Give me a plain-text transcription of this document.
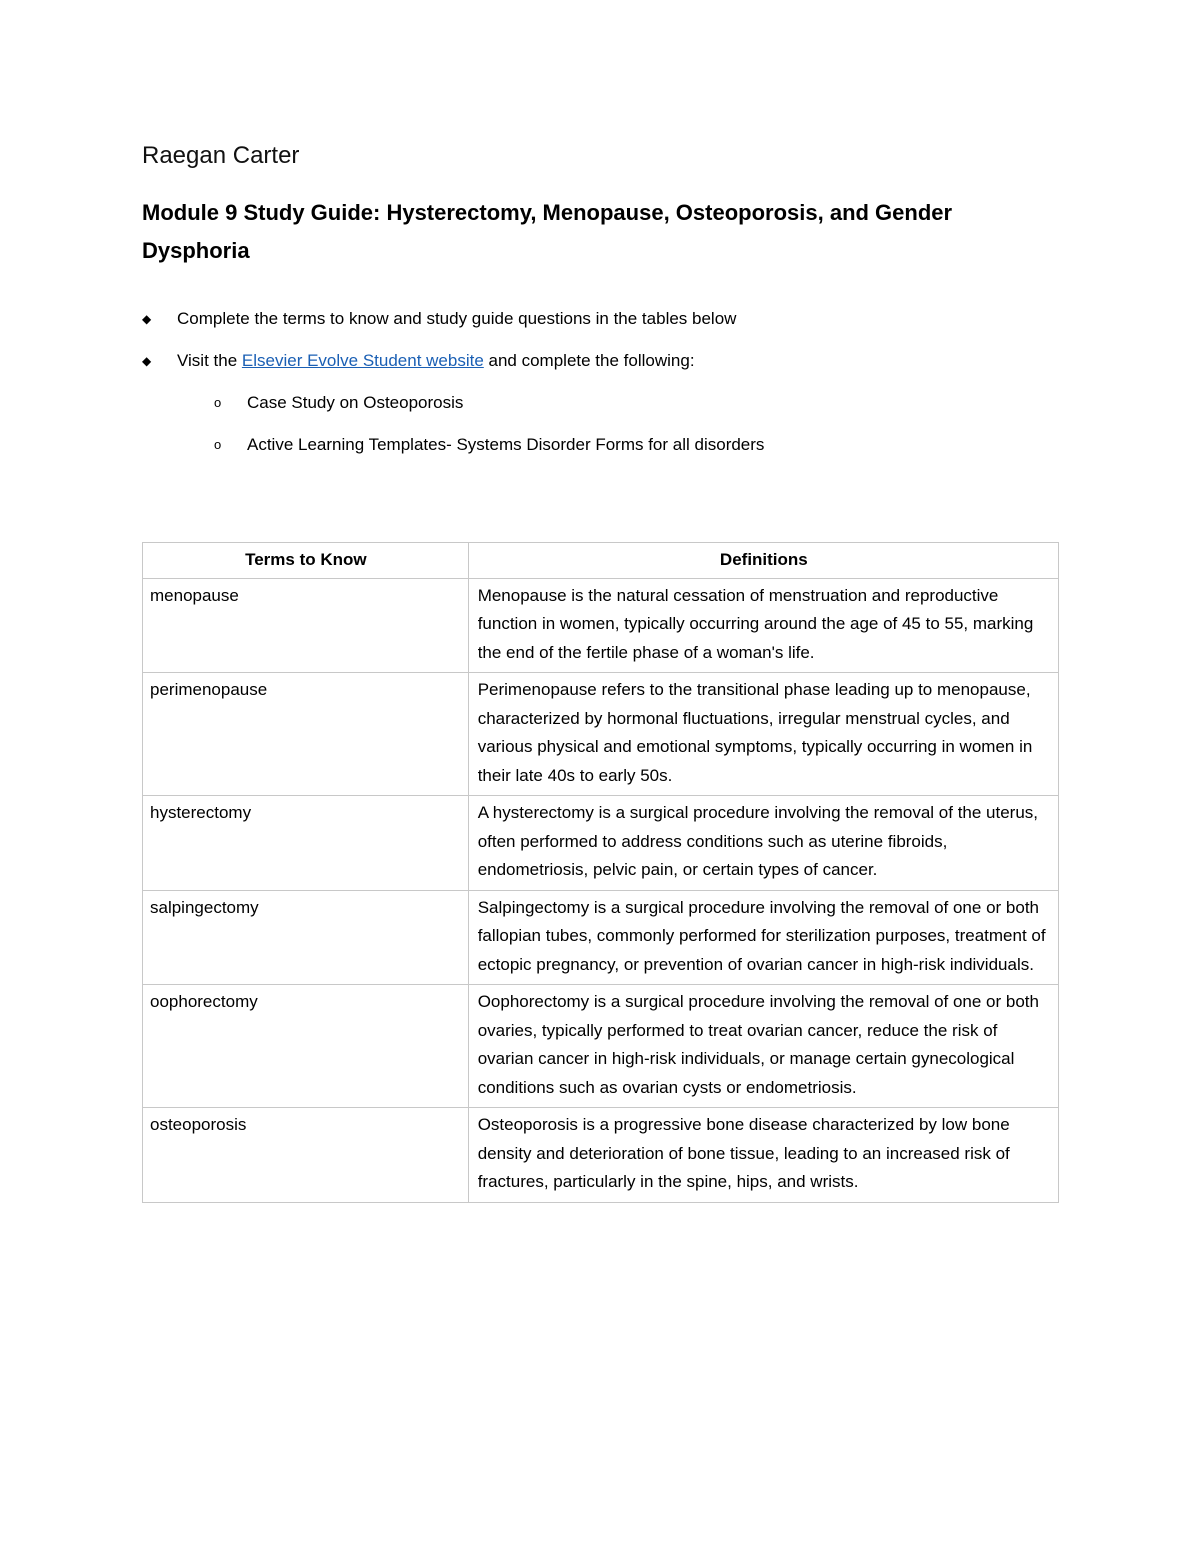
Raegan Carter
Module 9 Study Guide: Hysterectomy, Menopause, Osteoporosis, and Gender Dysphoria
◆ Complete the terms to know and study guide questions in the tables below
◆ Visit the Elsevier Evolve Student website and complete the following:
o Case Study on Osteoporosis
o Active Learning Templates- Systems Disorder Forms for all disorders
Terms to Know	Definitions
menopause	Menopause is the natural cessation of menstruation and reproductive function in women, typically occurring around the age of 45 to 55, marking the end of the fertile phase of a woman's life.
perimenopause	Perimenopause refers to the transitional phase leading up to menopause, characterized by hormonal fluctuations, irregular menstrual cycles, and various physical and emotional symptoms, typically occurring in women in their late 40s to early 50s.
hysterectomy	A hysterectomy is a surgical procedure involving the removal of the uterus, often performed to address conditions such as uterine fibroids, endometriosis, pelvic pain, or certain types of cancer.
salpingectomy	Salpingectomy is a surgical procedure involving the removal of one or both fallopian tubes, commonly performed for sterilization purposes, treatment of ectopic pregnancy, or prevention of ovarian cancer in high-risk individuals.
oophorectomy	Oophorectomy is a surgical procedure involving the removal of one or both ovaries, typically performed to treat ovarian cancer, reduce the risk of ovarian cancer in high-risk individuals, or manage certain gynecological conditions such as ovarian cysts or endometriosis.
osteoporosis	Osteoporosis is a progressive bone disease characterized by low bone density and deterioration of bone tissue, leading to an increased risk of fractures, particularly in the spine, hips, and wrists.
